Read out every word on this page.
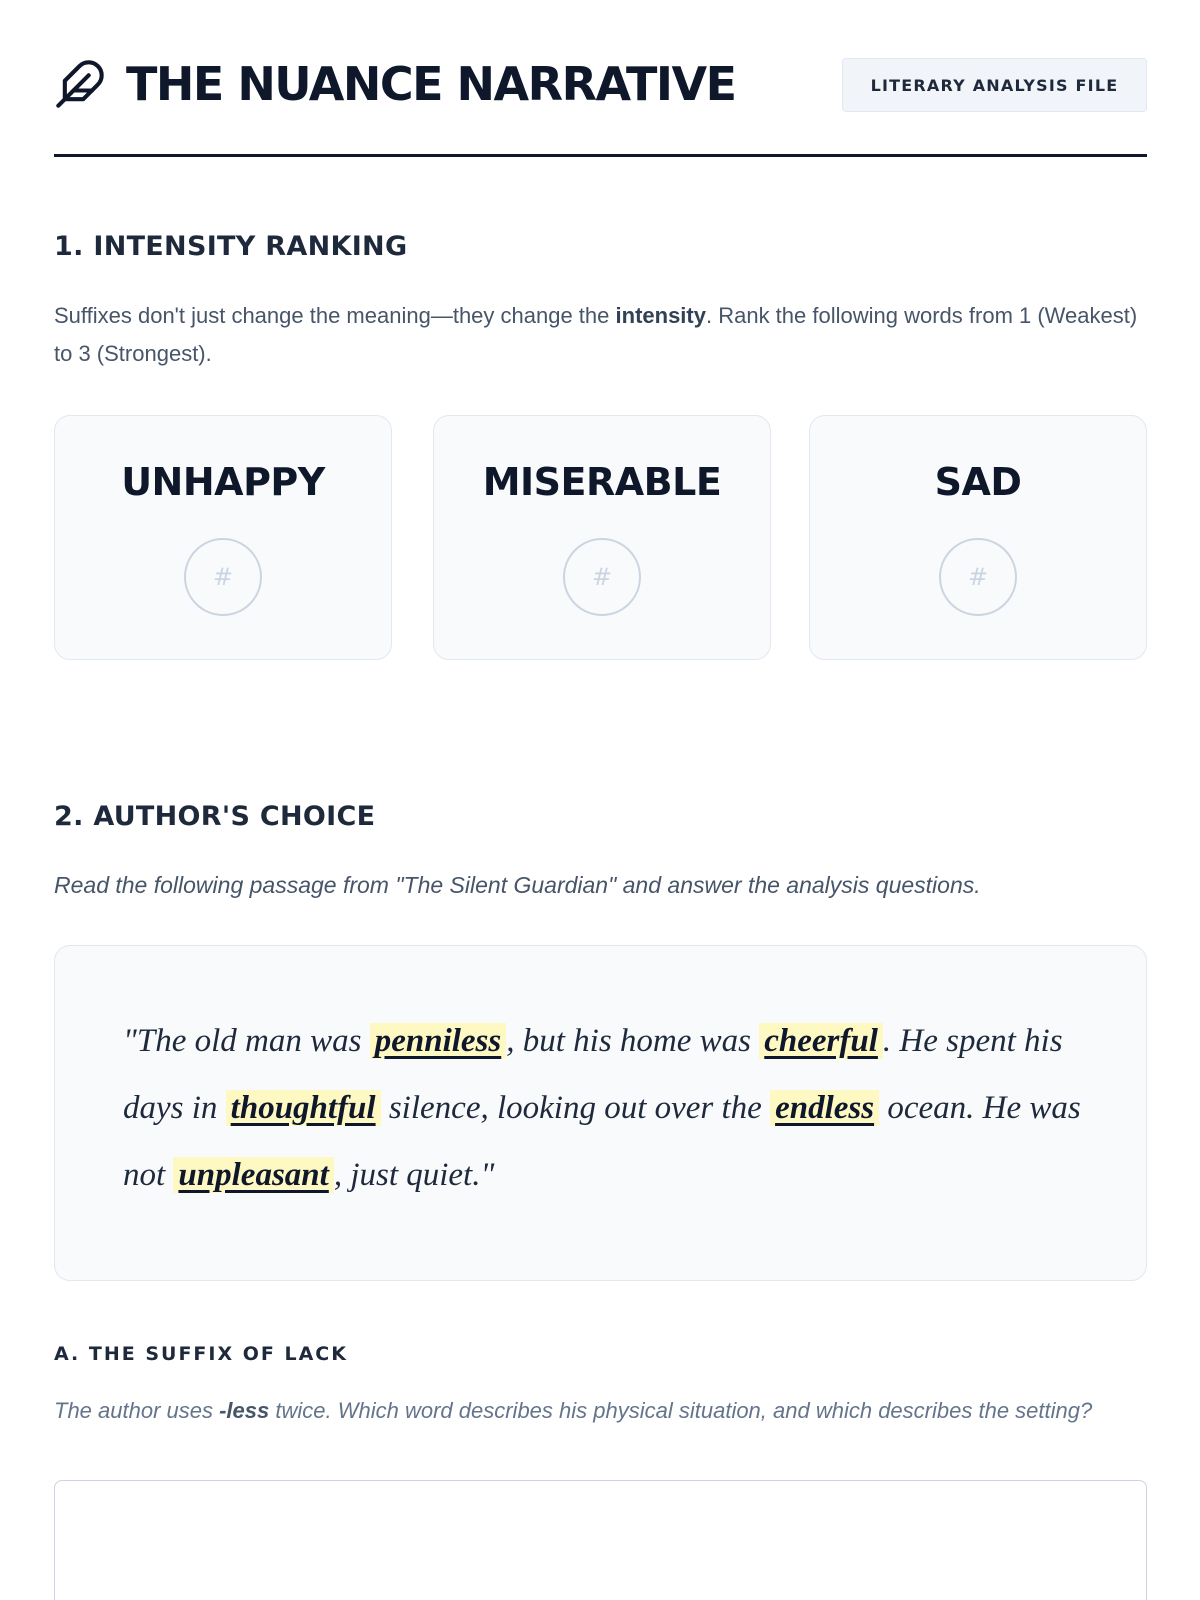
THE NUANCE NARRATIVE	LITERARY ANALYSIS FILE
1. INTENSITY RANKING
Suffixes don't just change the meaning—they change the intensity. Rank the following words from 1 (Weakest) to 3 (Strongest).
UNHAPPY
#
MISERABLE
#
SAD
#
2. AUTHOR'S CHOICE
Read the following passage from "The Silent Guardian" and answer the analysis questions.
"The old man was penniless , but his home was cheerful . He spent his days in thoughtful silence, looking out over the endless ocean. He was not unpleasant , just quiet."
A. THE SUFFIX OF LACK
The author uses -less twice. Which word describes his physical situation, and which describes the setting?
